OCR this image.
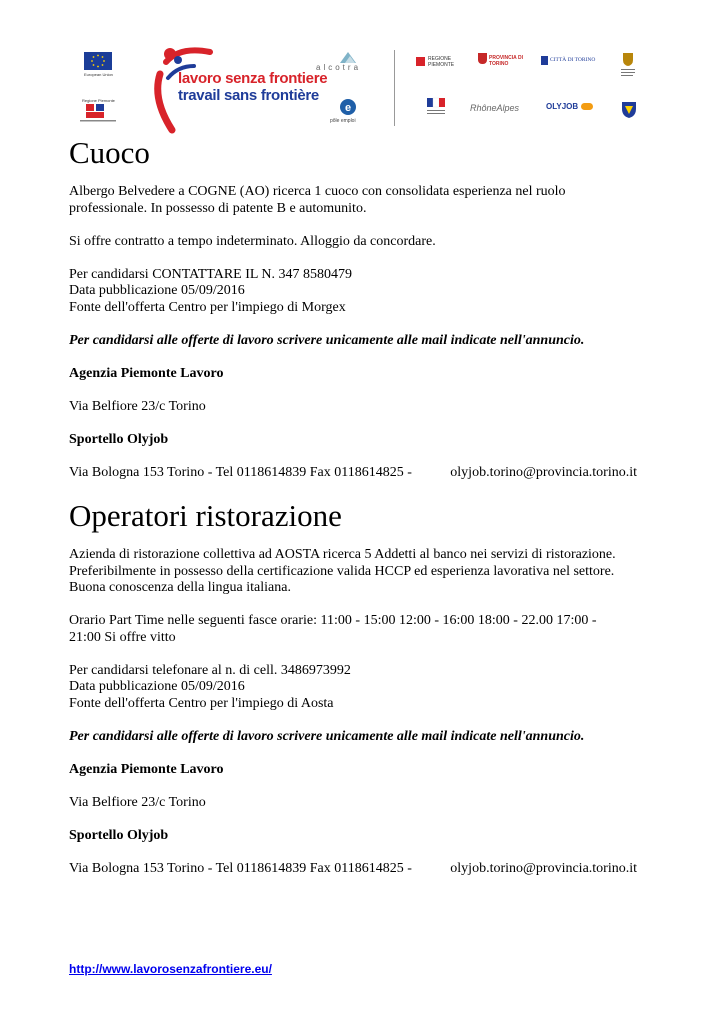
European Union
Regione Piemonte
lavoro senza frontiere
travail sans frontière
alcotra
e
pôle emploi
REGIONE PIEMONTE
PROVINCIA DI TORINO
CITTÀ DI TORINO
RhôneAlpes	OLYJOB
Cuoco

Albergo Belvedere a COGNE (AO) ricerca 1 cuoco con consolidata esperienza nel ruolo professionale. In possesso di patente B e automunito.

Si offre contratto a tempo indeterminato. Alloggio da concordare.

Per candidarsi CONTATTARE IL N. 347 8580479

Data pubblicazione 05/09/2016

Fonte dell'offerta Centro per l'impiego di Morgex

Per candidarsi alle offerte di lavoro scrivere unicamente alle mail indicate nell'annuncio.

Agenzia Piemonte Lavoro

Via Belfiore 23/c Torino

Sportello Olyjob

Via Bologna 153 Torino - Tel 0118614839 Fax 0118614825 -	olyjob.torino@provincia.torino.it

Operatori ristorazione

Azienda di ristorazione collettiva ad AOSTA ricerca 5 Addetti al banco nei servizi di ristorazione. Preferibilmente in possesso della certificazione valida HCCP ed esperienza lavorativa nel settore. Buona conoscenza della lingua italiana.

Orario Part Time nelle seguenti fasce orarie: 11:00 - 15:00 12:00 - 16:00 18:00 - 22.00 17:00 - 21:00 Si offre vitto

Per candidarsi telefonare al n. di cell. 3486973992

Data pubblicazione 05/09/2016

Fonte dell'offerta Centro per l'impiego di Aosta

Per candidarsi alle offerte di lavoro scrivere unicamente alle mail indicate nell'annuncio.

Agenzia Piemonte Lavoro

Via Belfiore 23/c Torino

Sportello Olyjob

Via Bologna 153 Torino - Tel 0118614839 Fax 0118614825 -	olyjob.torino@provincia.torino.it

http://www.lavorosenzafrontiere.eu/
